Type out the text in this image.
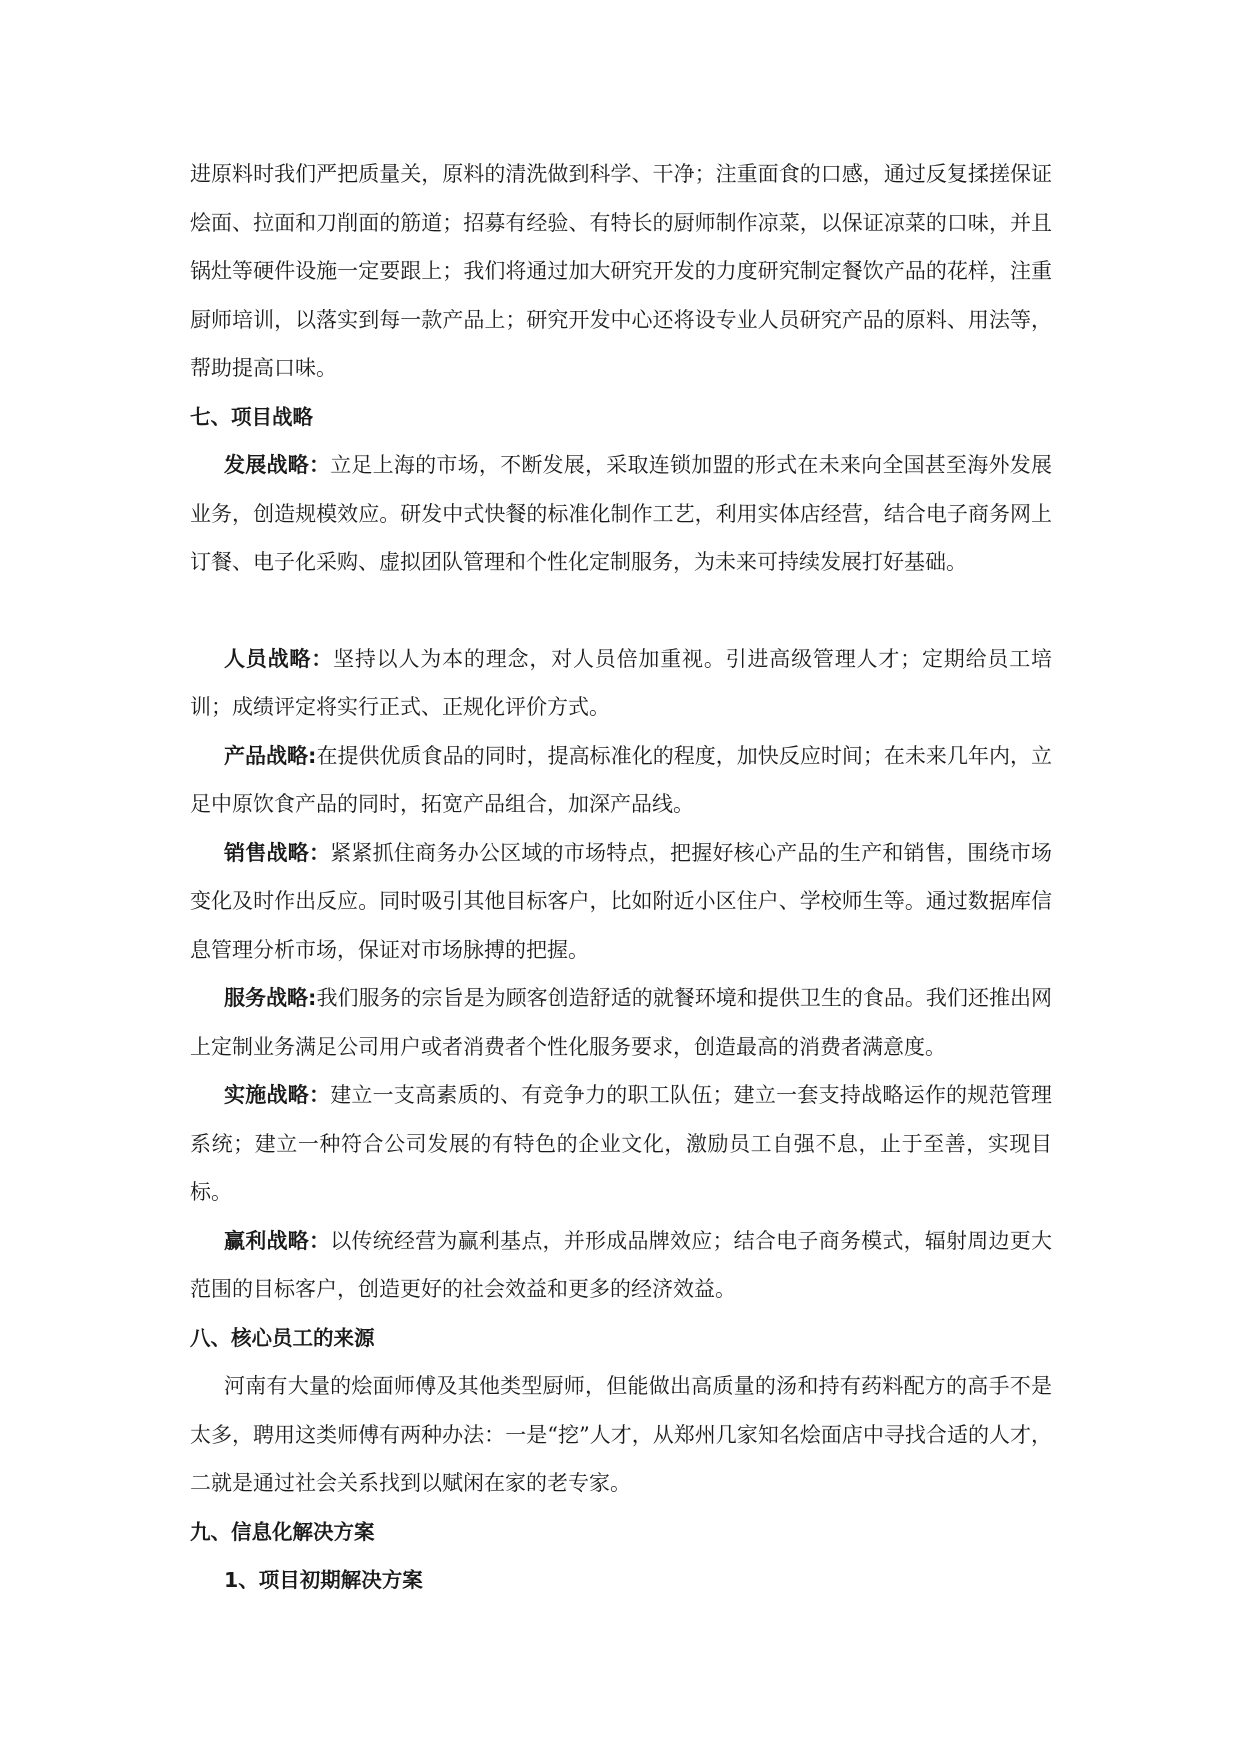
进原料时我们严把质量关，原料的清洗做到科学、干净；注重面食的口感，通过反复揉搓保证烩面、拉面和刀削面的筋道；招募有经验、有特长的厨师制作凉菜，以保证凉菜的口味，并且锅灶等硬件设施一定要跟上；我们将通过加大研究开发的力度研究制定餐饮产品的花样，注重厨师培训，以落实到每一款产品上；研究开发中心还将设专业人员研究产品的原料、用法等，帮助提高口味。

七、项目战略

发展战略：立足上海的市场，不断发展，采取连锁加盟的形式在未来向全国甚至海外发展业务，创造规模效应。研发中式快餐的标准化制作工艺，利用实体店经营，结合电子商务网上订餐、电子化采购、虚拟团队管理和个性化定制服务，为未来可持续发展打好基础。

人员战略：坚持以人为本的理念，对人员倍加重视。引进高级管理人才；定期给员工培训；成绩评定将实行正式、正规化评价方式。

产品战略:在提供优质食品的同时，提高标准化的程度，加快反应时间；在未来几年内，立足中原饮食产品的同时，拓宽产品组合，加深产品线。

销售战略：紧紧抓住商务办公区域的市场特点，把握好核心产品的生产和销售，围绕市场变化及时作出反应。同时吸引其他目标客户，比如附近小区住户、学校师生等。通过数据库信息管理分析市场，保证对市场脉搏的把握。

服务战略:我们服务的宗旨是为顾客创造舒适的就餐环境和提供卫生的食品。我们还推出网上定制业务满足公司用户或者消费者个性化服务要求，创造最高的消费者满意度。

实施战略：建立一支高素质的、有竞争力的职工队伍；建立一套支持战略运作的规范管理系统；建立一种符合公司发展的有特色的企业文化，激励员工自强不息，止于至善，实现目标。

赢利战略：以传统经营为赢利基点，并形成品牌效应；结合电子商务模式，辐射周边更大范围的目标客户，创造更好的社会效益和更多的经济效益。

八、核心员工的来源

河南有大量的烩面师傅及其他类型厨师，但能做出高质量的汤和持有药料配方的高手不是太多，聘用这类师傅有两种办法：一是“挖”人才，从郑州几家知名烩面店中寻找合适的人才，二就是通过社会关系找到以赋闲在家的老专家。

九、信息化解决方案

1、项目初期解决方案
